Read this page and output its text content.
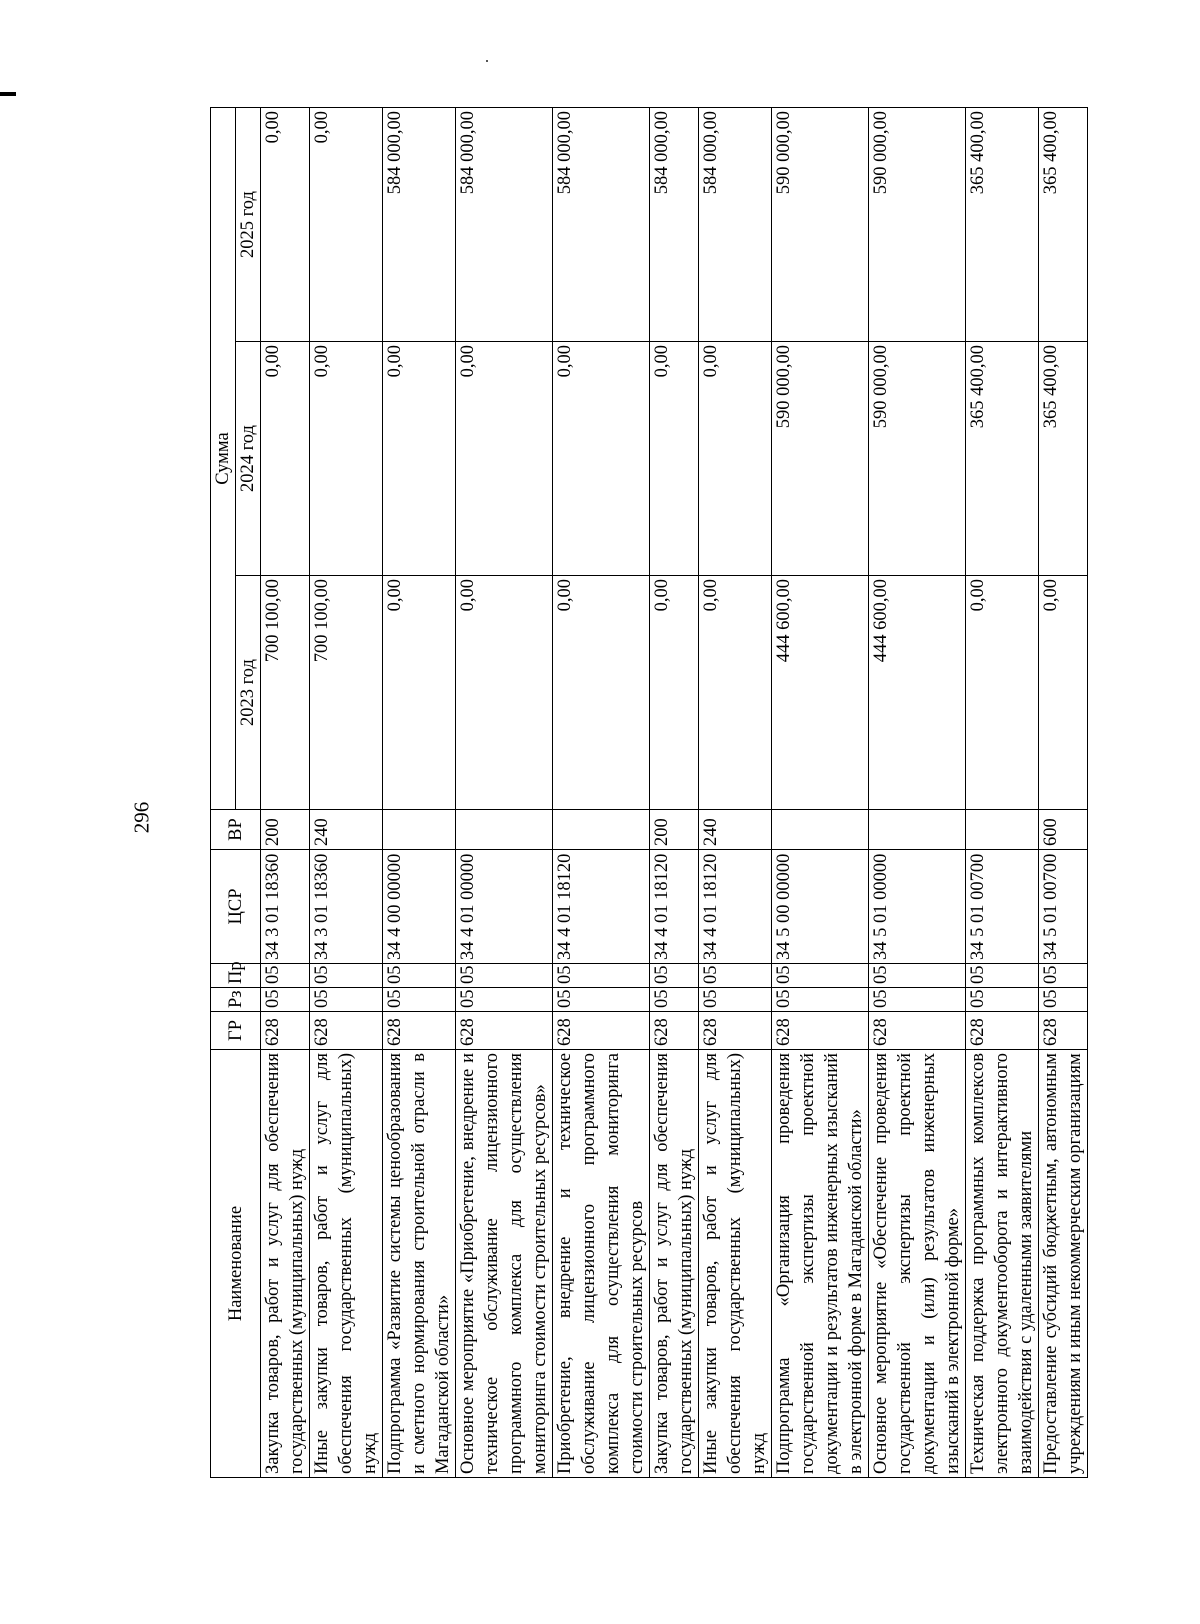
296
Наименование	ГР	Рз	Пр	ЦСР	ВР	Сумма		
						2023 год	2024 год	2025 год
Закупка товаров, работ и услуг для обеспечения государственных (муниципальных) нужд	628	05	05	34 3 01 18360	200	700 100,00	0,00	0,00
Иные закупки товаров, работ и услуг для обеспечения государственных (муниципальных) нужд	628	05	05	34 3 01 18360	240	700 100,00	0,00	0,00
Подпрограмма «Развитие системы ценообразования и сметного нормирования строительной отрасли в Магаданской области»	628	05	05	34 4 00 00000		0,00	0,00	584 000,00
Основное мероприятие «Приобретение, внедрение и техническое обслуживание лицензионного программного комплекса для осуществления мониторинга стоимости строительных ресурсов»	628	05	05	34 4 01 00000		0,00	0,00	584 000,00
Приобретение, внедрение и техническое обслуживание лицензионного программного комплекса для осуществления мониторинга стоимости строительных ресурсов	628	05	05	34 4 01 18120		0,00	0,00	584 000,00
Закупка товаров, работ и услуг для обеспечения государственных (муниципальных) нужд	628	05	05	34 4 01 18120	200	0,00	0,00	584 000,00
Иные закупки товаров, работ и услуг для обеспечения государственных (муниципальных) нужд	628	05	05	34 4 01 18120	240	0,00	0,00	584 000,00
Подпрограмма «Организация проведения государственной экспертизы проектной документации и результатов инженерных изысканий в электронной форме в Магаданской области»	628	05	05	34 5 00 00000		444 600,00	590 000,00	590 000,00
Основное мероприятие «Обеспечение проведения государственной экспертизы проектной документации и (или) результатов инженерных изысканий в электронной форме»	628	05	05	34 5 01 00000		444 600,00	590 000,00	590 000,00
Техническая поддержка программных комплексов электронного документооборота и интерактивного взаимодействия с удаленными заявителями	628	05	05	34 5 01 00700		0,00	365 400,00	365 400,00
Предоставление субсидий бюджетным, автономным учреждениям и иным некоммерческим организациям	628	05	05	34 5 01 00700	600	0,00	365 400,00	365 400,00
